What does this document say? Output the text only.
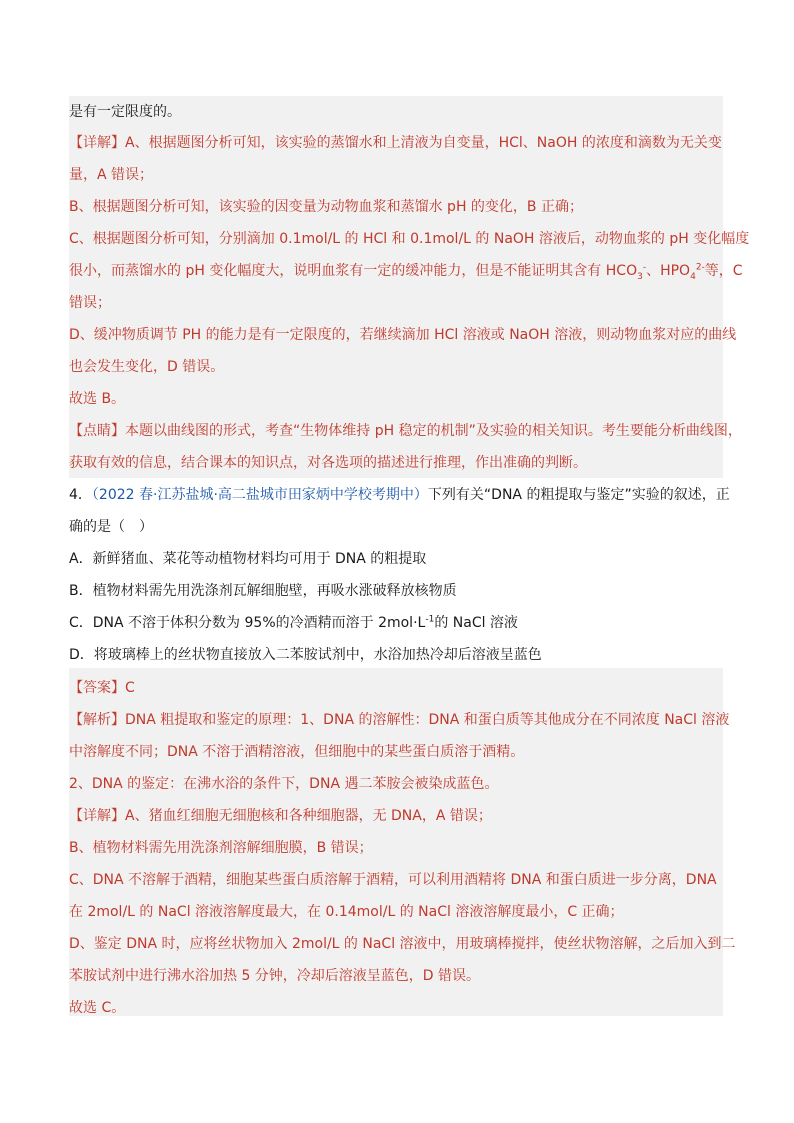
是有一定限度的。
【详解】A、根据题图分析可知，该实验的蒸馏水和上清液为自变量，HCl、NaOH 的浓度和滴数为无关变
量，A 错误；
B、根据题图分析可知，该实验的因变量为动物血浆和蒸馏水 pH 的变化，B 正确；
C、根据题图分析可知，分别滴加 0.1mol/L 的 HCl 和 0.1mol/L 的 NaOH 溶液后，动物血浆的 pH 变化幅度
很小，而蒸馏水的 pH 变化幅度大，说明血浆有一定的缓冲能力，但是不能证明其含有 $HCO_3^-$、$HPO_4^{2-}$等，C
错误；
D、缓冲物质调节 PH 的能力是有一定限度的，若继续滴加 HCl 溶液或 NaOH 溶液，则动物血浆对应的曲线
也会发生变化，D 错误。
故选 B。
【点睛】本题以曲线图的形式，考查“生物体维持 pH 稳定的机制”及实验的相关知识。考生要能分析曲线图，
获取有效的信息，结合课本的知识点，对各选项的描述进行推理，作出准确的判断。
4．（2022 春·江苏盐城·高二盐城市田家炳中学校考期中）下列有关“DNA 的粗提取与鉴定”实验的叙述，正
确的是（　）
A．新鲜猪血、菜花等动植物材料均可用于 DNA 的粗提取
B．植物材料需先用洗涤剂瓦解细胞壁，再吸水涨破释放核物质
C．DNA 不溶于体积分数为 95%的冷酒精而溶于 $2mol\cdot L^{-1}$的 NaCl 溶液
D．将玻璃棒上的丝状物直接放入二苯胺试剂中，水浴加热冷却后溶液呈蓝色
【答案】C
【解析】DNA 粗提取和鉴定的原理：1、DNA 的溶解性：DNA 和蛋白质等其他成分在不同浓度 NaCl 溶液
中溶解度不同；DNA 不溶于酒精溶液，但细胞中的某些蛋白质溶于酒精。
2、DNA 的鉴定：在沸水浴的条件下，DNA 遇二苯胺会被染成蓝色。
【详解】A、猪血红细胞无细胞核和各种细胞器，无 DNA，A 错误；
B、植物材料需先用洗涤剂溶解细胞膜，B 错误；
C、DNA 不溶解于酒精，细胞某些蛋白质溶解于酒精，可以利用酒精将 DNA 和蛋白质进一步分离，DNA
在 2mol/L 的 NaCl 溶液溶解度最大，在 0.14mol/L 的 NaCl 溶液溶解度最小，C 正确；
D、鉴定 DNA 时，应将丝状物加入 2mol/L 的 NaCl 溶液中，用玻璃棒搅拌，使丝状物溶解，之后加入到二
苯胺试剂中进行沸水浴加热 5 分钟，冷却后溶液呈蓝色，D 错误。
故选 C。
